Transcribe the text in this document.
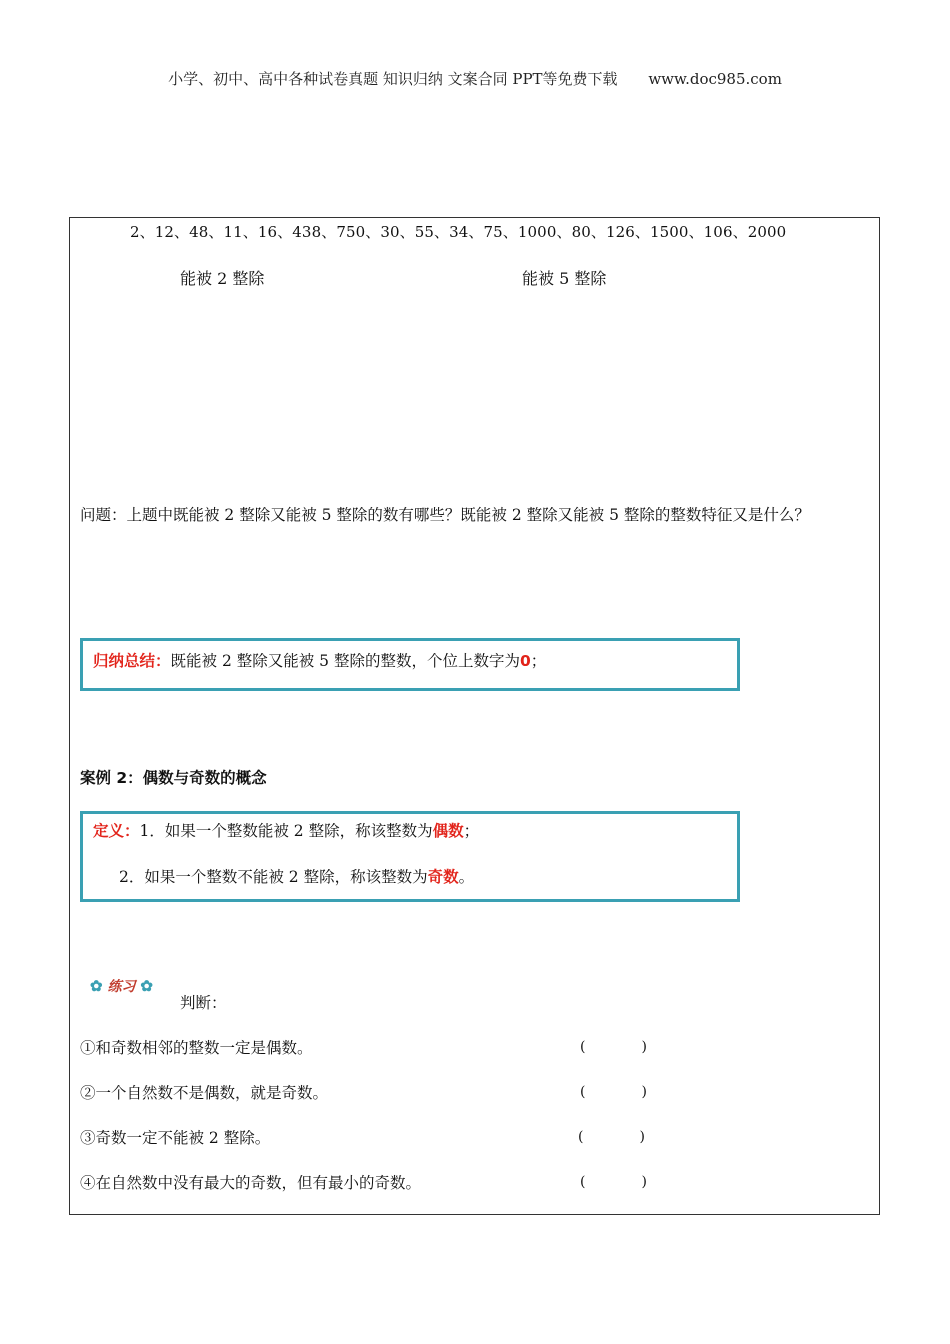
小学、初中、高中各种试卷真题 知识归纳 文案合同 PPT等免费下载 www.doc985.com
2、12、48、11、16、438、750、30、55、34、75、1000、80、126、1500、106、2000
能被 2 整除	能被 5 整除
问题：上题中既能被 2 整除又能被 5 整除的数有哪些？既能被 2 整除又能被 5 整除的整数特征又是什么？
归纳总结：既能被 2 整除又能被 5 整除的整数，个位上数字为0；
案例 2：偶数与奇数的概念
定义：1．如果一个整数能被 2 整除，称该整数为偶数；
2．如果一个整数不能被 2 整除，称该整数为奇数。
✿ 练习 ✿
判断：
①和奇数相邻的整数一定是偶数。	(　　　　)
②一个自然数不是偶数，就是奇数。	(　　　　)
③奇数一定不能被 2 整除。	(　　　　)
④在自然数中没有最大的奇数，但有最小的奇数。	(　　　　)
